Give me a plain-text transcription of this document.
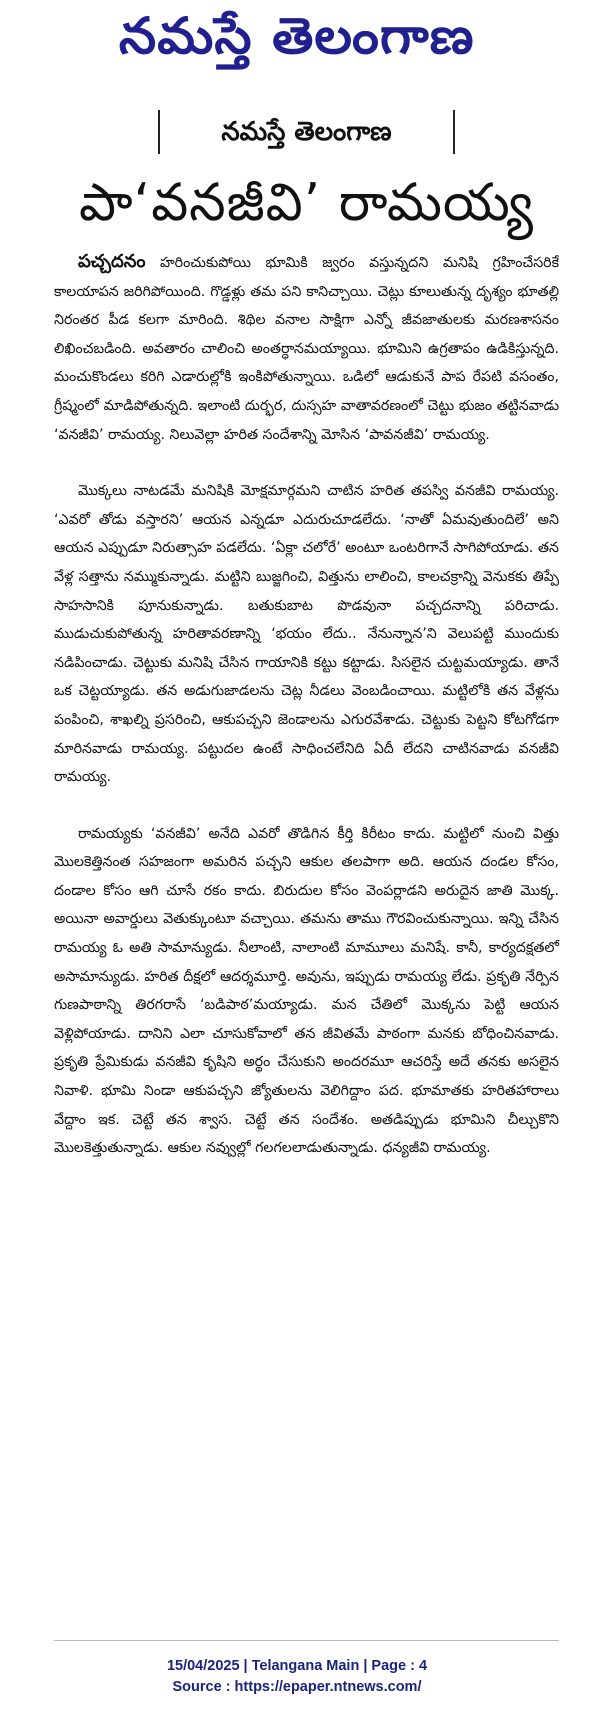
నమస్తే తెలంగాణ
నమస్తే తెలంగాణ
పా‘వనజీవి’ రామయ్య

పచ్చదనం హరించుకుపోయి భూమికి జ్వరం వస్తున్నదని మనిషి గ్రహించేసరికే కాలయాపన జరిగిపోయింది. గొడ్డళ్లు తమ పని కానిచ్చాయి. చెట్లు కూలుతున్న దృశ్యం భూతల్లి నిరంతర పీడ కలగా మారింది. శిథిల వనాల సాక్షిగా ఎన్నో జీవజాతులకు మరణశాసనం లిఖించబడింది. అవతారం చాలించి అంతర్ధానమయ్యాయి. భూమిని ఉగ్రతాపం ఉడికిస్తున్నది. మంచుకొండలు కరిగి ఎడారుల్లోకి ఇంకిపోతున్నాయి. ఒడిలో ఆడుకునే పాప రేపటి వసంతం, గ్రీష్మంలో మాడిపోతున్నది. ఇలాంటి దుర్భర, దుస్సహ వాతావరణంలో చెట్టు భుజం తట్టినవాడు ‘వనజీవి’ రామయ్య. నిలువెల్లా హరిత సందేశాన్ని మోసిన ‘పావనజీవి’ రామయ్య.

మొక్కలు నాటడమే మనిషికి మోక్షమార్గమని చాటిన హరిత తపస్వి వనజీవి రామయ్య. ‘ఎవరో తోడు వస్తారని’ ఆయన ఎన్నడూ ఎదురుచూడలేదు. ‘నాతో ఏమవుతుందిలే’ అని ఆయన ఎప్పుడూ నిరుత్సాహ పడలేదు. ‘ఏక్లా చలోరే’ అంటూ ఒంటరిగానే సాగిపోయాడు. తన వేళ్ల సత్తాను నమ్ముకున్నాడు. మట్టిని బుజ్జగించి, విత్తును లాలించి, కాలచక్రాన్ని వెనుకకు తిప్పే సాహసానికి పూనుకున్నాడు. బతుకుబాట పొడవునా పచ్చదనాన్ని పరిచాడు. ముడుచుకుపోతున్న హరితావరణాన్ని ‘భయం లేదు.. నేనున్నాన’ని వెలుపట్టి ముందుకు నడిపించాడు. చెట్టుకు మనిషి చేసిన గాయానికి కట్టు కట్టాడు. సిసలైన చుట్టమయ్యాడు. తానే ఒక చెట్టయ్యాడు. తన అడుగుజాడలను చెట్ల నీడలు వెంబడించాయి. మట్టిలోకి తన వేళ్లను పంపించి, శాఖల్ని ప్రసరించి, ఆకుపచ్చని జెండాలను ఎగురవేశాడు. చెట్టుకు పెట్టని కోటగోడగా మారినవాడు రామయ్య. పట్టుదల ఉంటే సాధించలేనిది ఏదీ లేదని చాటినవాడు వనజీవి రామయ్య.

రామయ్యకు ‘వనజీవి’ అనేది ఎవరో తొడిగిన కీర్తి కిరీటం కాదు. మట్టిలో నుంచి విత్తు మొలకెత్తినంత సహజంగా అమరిన పచ్చని ఆకుల తలపాగా అది. ఆయన దండల కోసం, దండాల కోసం ఆగి చూసే రకం కాదు. బిరుదుల కోసం వెంపర్లాడని అరుదైన జాతి మొక్క. అయినా అవార్డులు వెతుక్కుంటూ వచ్చాయి. తమను తాము గౌరవించుకున్నాయి. ఇన్ని చేసిన రామయ్య ఓ అతి సామాన్యుడు. నీలాంటి, నాలాంటి మామూలు మనిషే. కానీ, కార్యదక్షతలో అసామాన్యుడు. హరిత దీక్షలో ఆదర్శమూర్తి. అవును, ఇప్పుడు రామయ్య లేడు. ప్రకృతి నేర్పిన గుణపాఠాన్ని తిరగరాసే ‘బడిపాఠ’మయ్యాడు. మన చేతిలో మొక్కను పెట్టి ఆయన వెళ్లిపోయాడు. దానిని ఎలా చూసుకోవాలో తన జీవితమే పాఠంగా మనకు బోధించినవాడు. ప్రకృతి ప్రేమికుడు వనజీవి కృషిని అర్థం చేసుకుని అందరమూ ఆచరిస్తే అదే తనకు అసలైన నివాళి. భూమి నిండా ఆకుపచ్చని జ్యోతులను వెలిగిద్దాం పద. భూమాతకు హరితహారాలు వేద్దాం ఇక. చెట్టే తన శ్వాస. చెట్టే తన సందేశం. అతడిప్పుడు భూమిని చీల్చుకొని మొలకెత్తుతున్నాడు. ఆకుల నవ్వుల్లో గలగలలాడుతున్నాడు. ధన్యజీవి రామయ్య.

15/04/2025 | Telangana Main | Page : 4
Source : https://epaper.ntnews.com/
